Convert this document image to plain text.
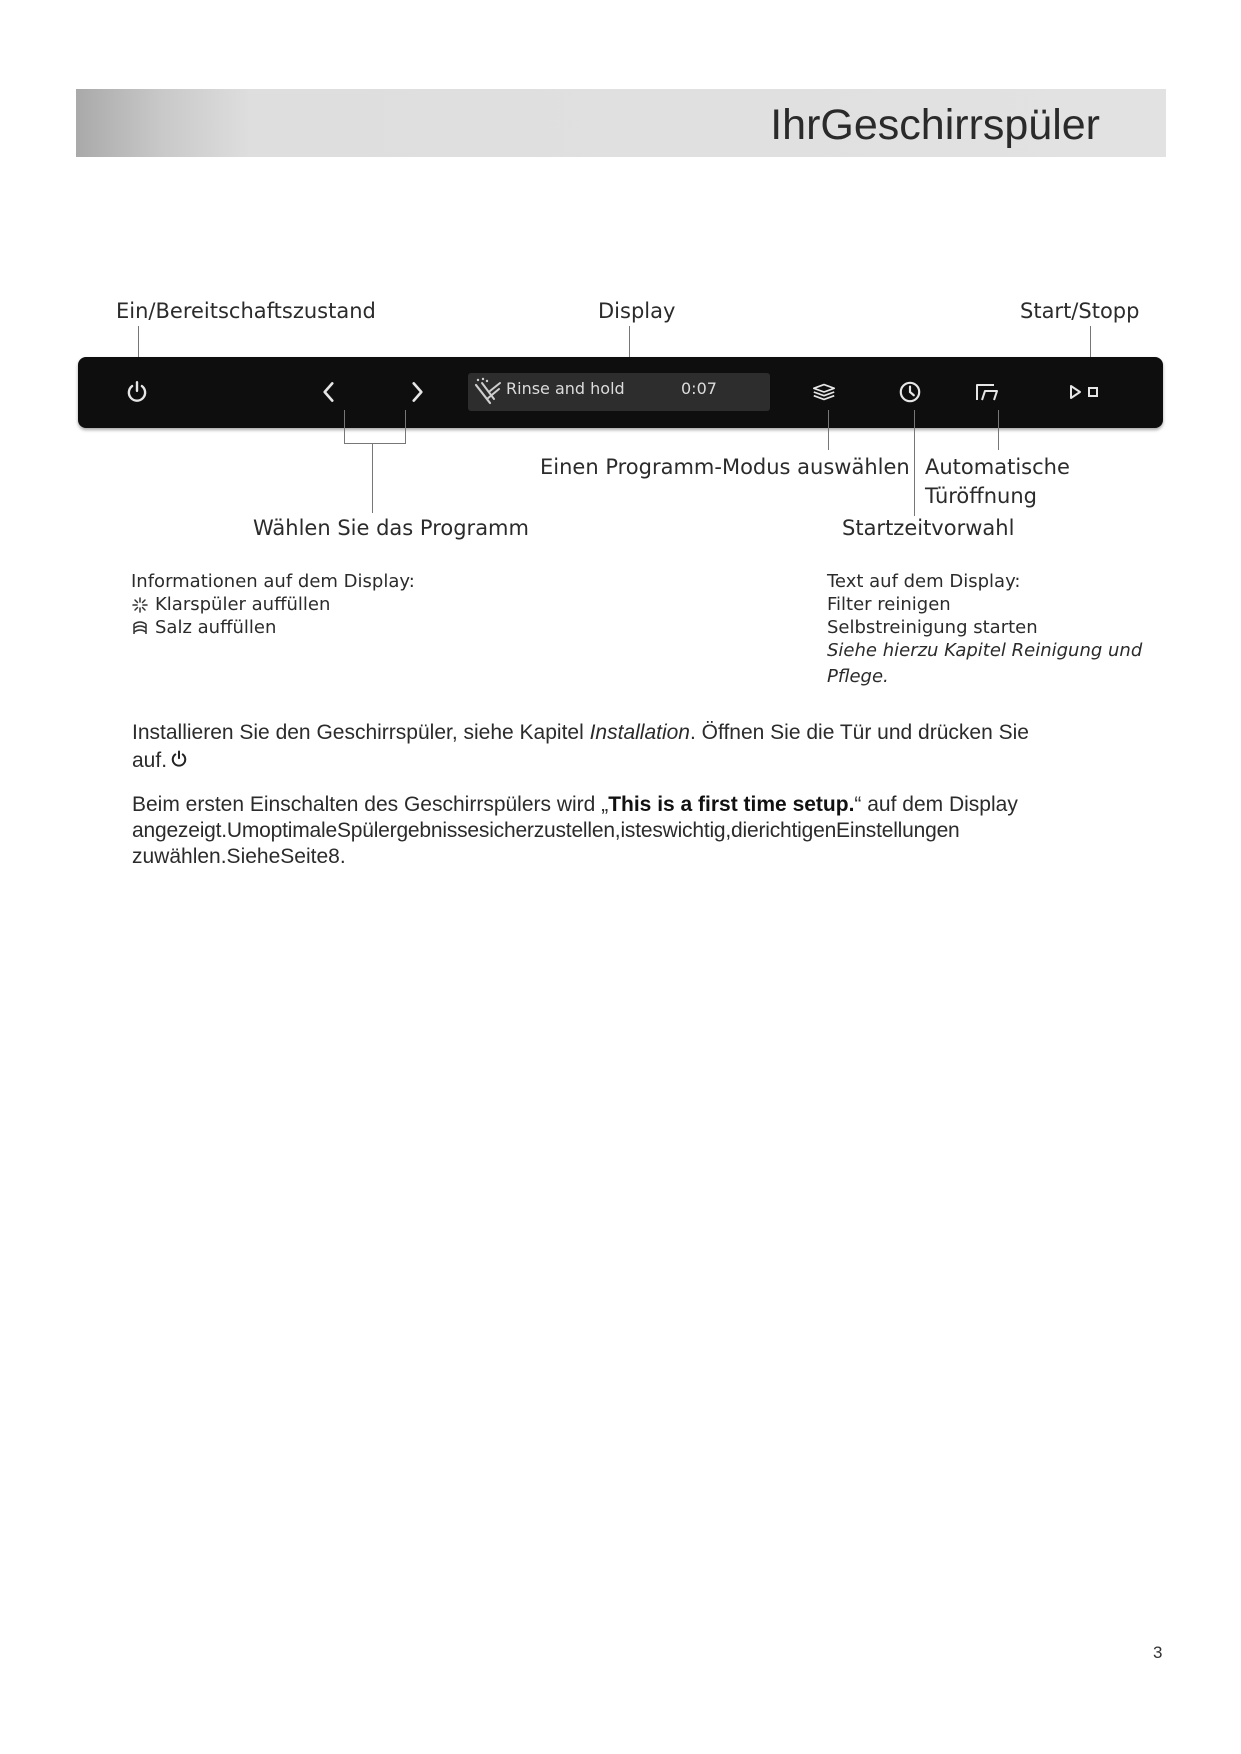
IhrGeschirrspüler
Ein/Bereitschaftszustand	Display	Start/Stopp
Rinse and hold	0:07
Einen Programm-Modus auswählen Automatische
Türöffnung
Wählen Sie das Programm	Startzeitvorwahl
Informationen auf dem Display:
Klarspüler auffüllen
Salz auffüllen
Text auf dem Display:
Filter reinigen
Selbstreinigung starten
Siehe hierzu Kapitel Reinigung und
Pflege.
Installieren Sie den Geschirrspüler, siehe Kapitel Installation. Öffnen Sie die Tür und drücken Sie
auf.
Beim ersten Einschalten des Geschirrspülers wird „This is a first time setup.“ auf dem Display
angezeigt.UmoptimaleSpülergebnissesicherzustellen,isteswichtig,dierichtigenEinstellungen
zuwählen.SieheSeite8.
3
